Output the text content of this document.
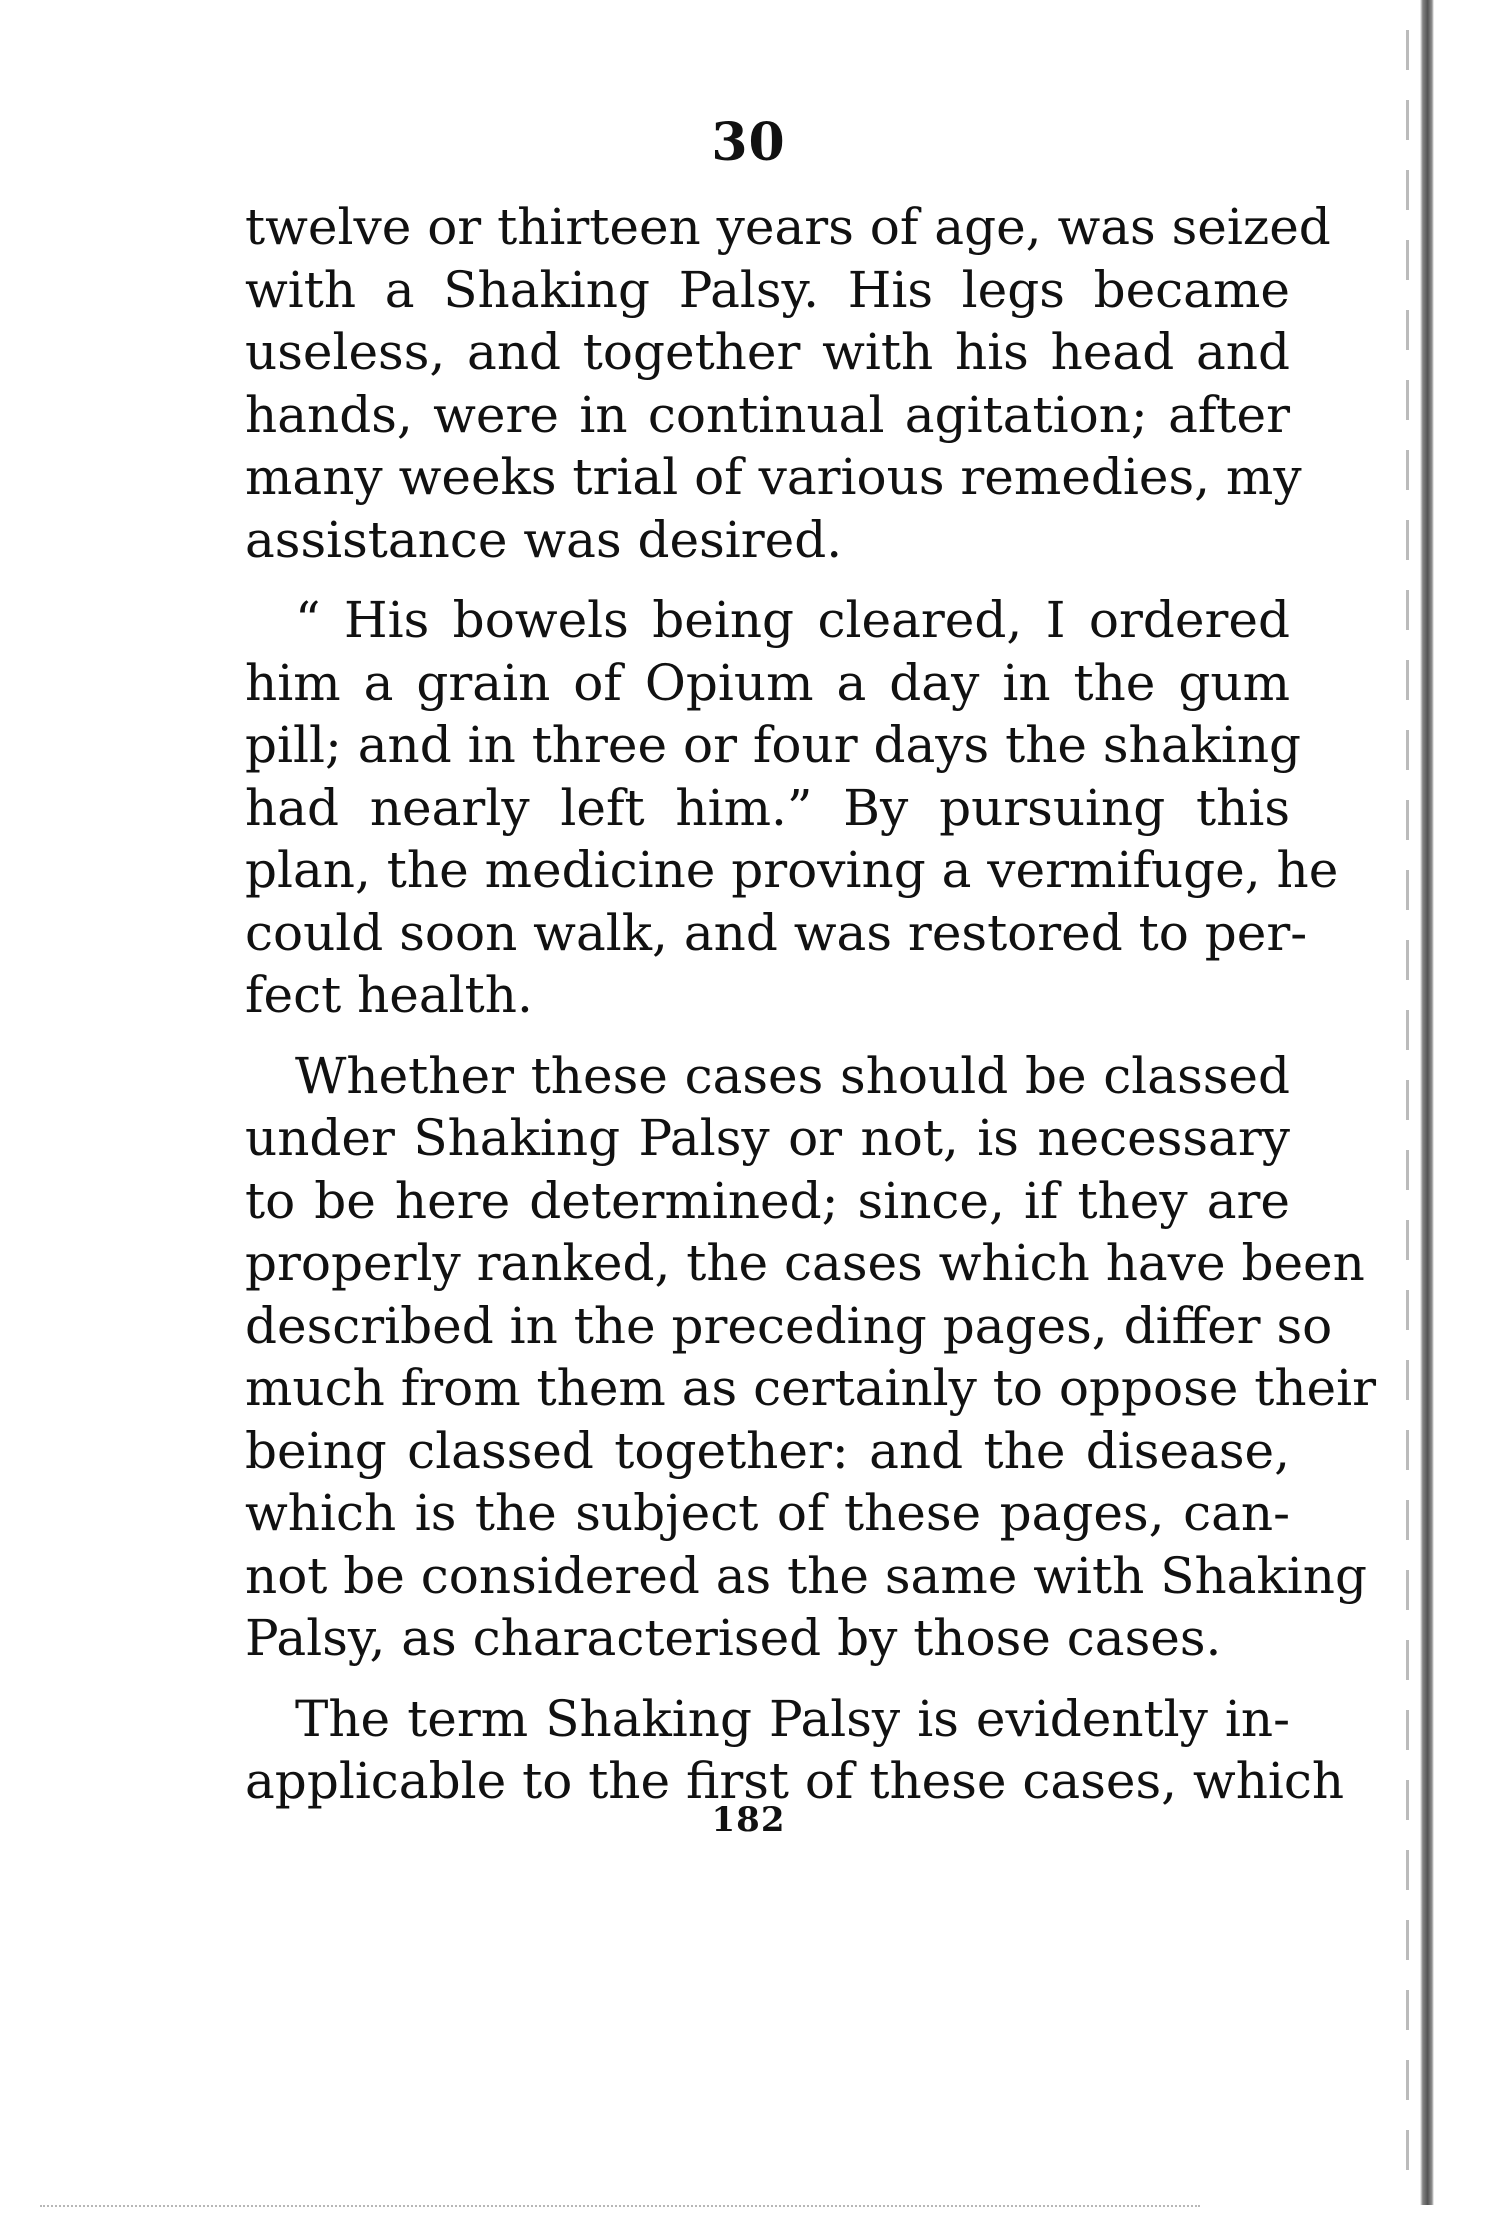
30
twelve or thirteen years of age, was seized
with a Shaking Palsy. His legs became
useless, and together with his head and
hands, were in continual agitation; after
many weeks trial of various remedies, my
assistance was desired.
“ His bowels being cleared, I ordered
him a grain of Opium a day in the gum
pill; and in three or four days the shaking
had nearly left him.” By pursuing this
plan, the medicine proving a vermifuge, he
could soon walk, and was restored to per-
fect health.
Whether these cases should be classed
under Shaking Palsy or not, is necessary
to be here determined; since, if they are
properly ranked, the cases which have been
described in the preceding pages, differ so
much from them as certainly to oppose their
being classed together: and the disease,
which is the subject of these pages, can-
not be considered as the same with Shaking
Palsy, as characterised by those cases.
The term Shaking Palsy is evidently in-
applicable to the first of these cases, which
182
